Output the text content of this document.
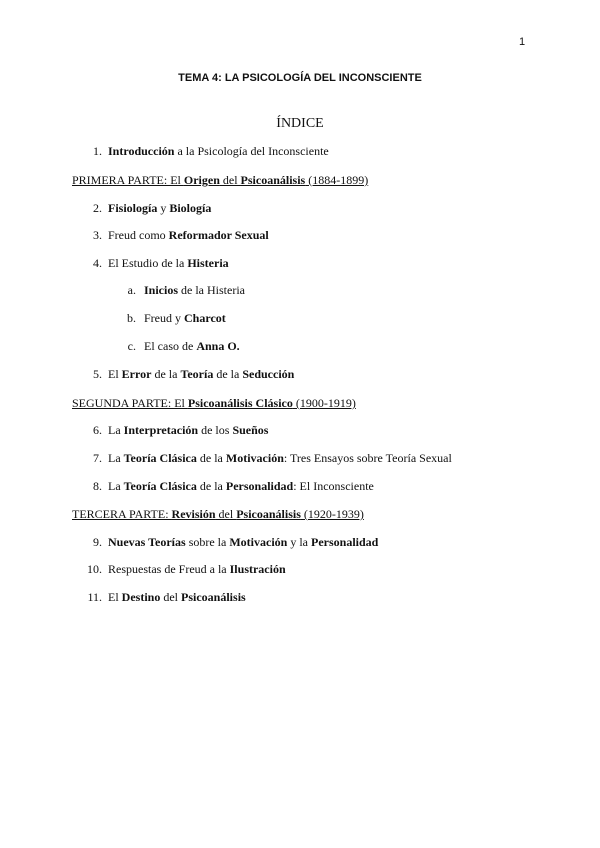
1
TEMA 4: LA PSICOLOGÍA DEL INCONSCIENTE
ÍNDICE
1. Introducción a la Psicología del Inconsciente
PRIMERA PARTE: El Origen del Psicoanálisis (1884-1899)
2. Fisiología y Biología
3. Freud como Reformador Sexual
4. El Estudio de la Histeria
a. Inicios de la Histeria
b. Freud y Charcot
c. El caso de Anna O.
5. El Error de la Teoría de la Seducción
SEGUNDA PARTE: El Psicoanálisis Clásico (1900-1919)
6. La Interpretación de los Sueños
7. La Teoría Clásica de la Motivación: Tres Ensayos sobre Teoría Sexual
8. La Teoría Clásica de la Personalidad: El Inconsciente
TERCERA PARTE: Revisión del Psicoanálisis (1920-1939)
9. Nuevas Teorías sobre la Motivación y la Personalidad
10. Respuestas de Freud a la Ilustración
11. El Destino del Psicoanálisis
